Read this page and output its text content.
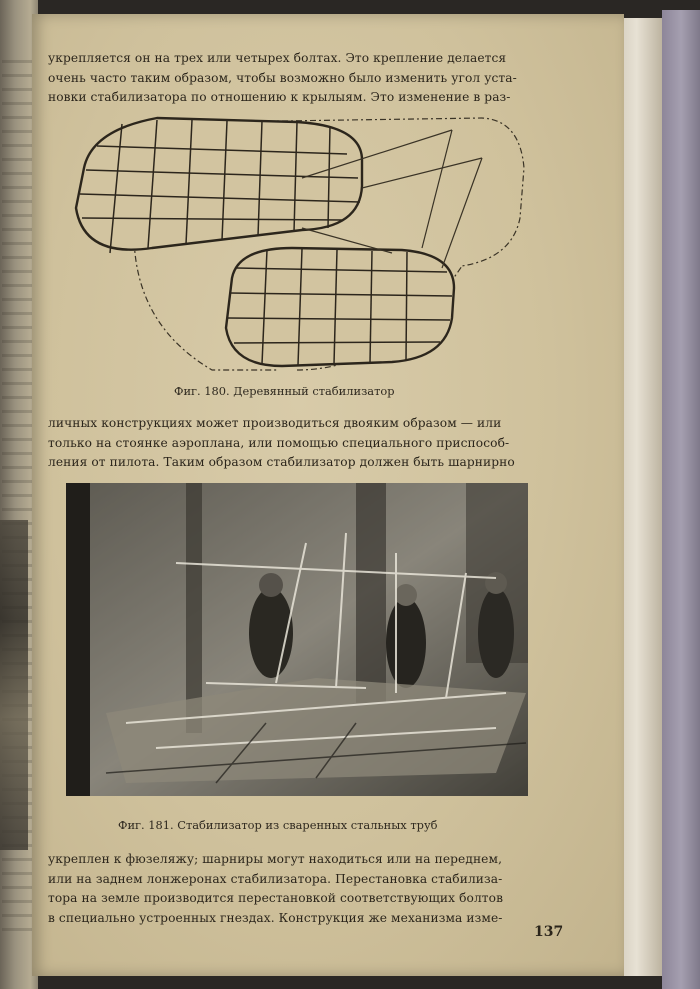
укрепляется он на трех или четырех болтах. Это крепление делается

очень часто таким образом, чтобы возможно было изменить угол уста-

новки стабилизатора по отношению к крылыям. Это изменение в раз-

Фиг. 180. Деревянный стабилизатор

личных конструкциях может производиться двояким образом — или

только на стоянке аэроплана, или помощью специального приспособ-

ления от пилота. Таким образом стабилизатор должен быть шарнирно

Фиг. 181. Стабилизатор из сваренных стальных труб

укреплен к фюзеляжу; шарниры могут находиться или на переднем,

или на заднем лонжеронах стабилизатора. Перестановка стабилиза-

тора на земле производится перестановкой соответствующих болтов

в специально устроенных гнездах. Конструкция же механизма изме-

137
